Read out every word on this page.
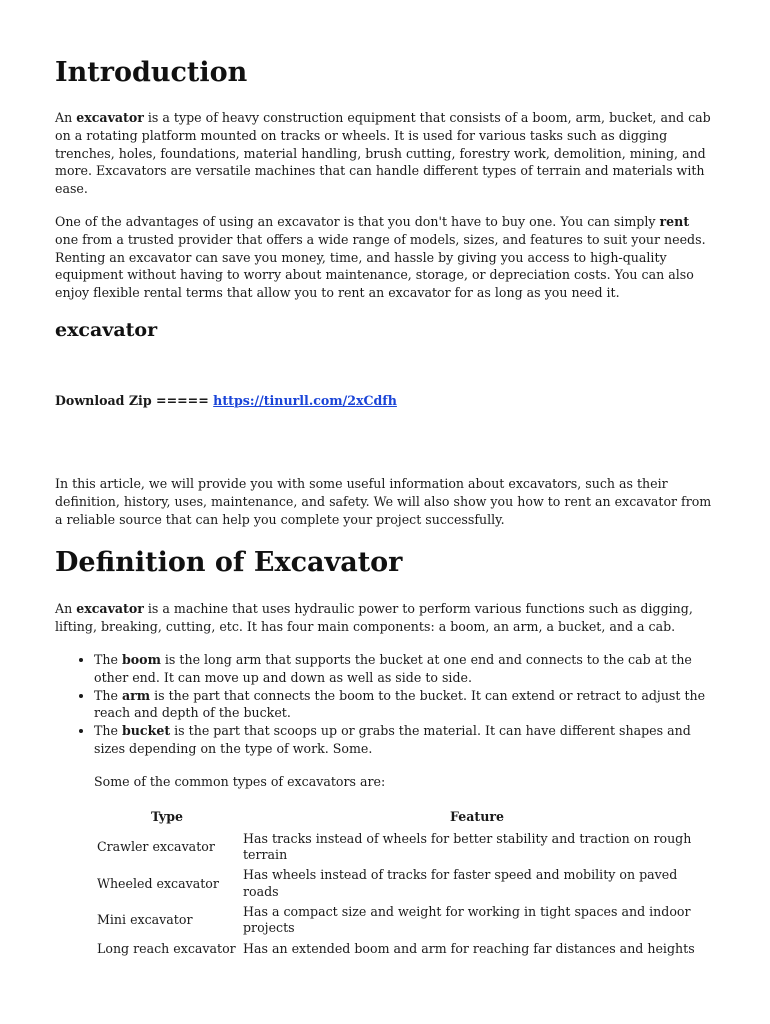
Introduction

An excavator is a type of heavy construction equipment that consists of a boom, arm, bucket, and cab on a rotating platform mounted on tracks or wheels. It is used for various tasks such as digging trenches, holes, foundations, material handling, brush cutting, forestry work, demolition, mining, and more. Excavators are versatile machines that can handle different types of terrain and materials with ease.

One of the advantages of using an excavator is that you don't have to buy one. You can simply rent one from a trusted provider that offers a wide range of models, sizes, and features to suit your needs. Renting an excavator can save you money, time, and hassle by giving you access to high-quality equipment without having to worry about maintenance, storage, or depreciation costs. You can also enjoy flexible rental terms that allow you to rent an excavator for as long as you need it.

excavator

Download Zip ===== https://tinurll.com/2xCdfh

In this article, we will provide you with some useful information about excavators, such as their definition, history, uses, maintenance, and safety. We will also show you how to rent an excavator from a reliable source that can help you complete your project successfully.

Definition of Excavator

An excavator is a machine that uses hydraulic power to perform various functions such as digging, lifting, breaking, cutting, etc. It has four main components: a boom, an arm, a bucket, and a cab.

• The boom is the long arm that supports the bucket at one end and connects to the cab at the other end. It can move up and down as well as side to side.
• The arm is the part that connects the boom to the bucket. It can extend or retract to adjust the reach and depth of the bucket.
• The bucket is the part that scoops up or grabs the material. It can have different shapes and sizes depending on the type of work. Some.

Some of the common types of excavators are:

Type	Feature
Crawler excavator	Has tracks instead of wheels for better stability and traction on rough terrain
Wheeled excavator	Has wheels instead of tracks for faster speed and mobility on paved roads
Mini excavator	Has a compact size and weight for working in tight spaces and indoor projects
Long reach excavator	Has an extended boom and arm for reaching far distances and heights
